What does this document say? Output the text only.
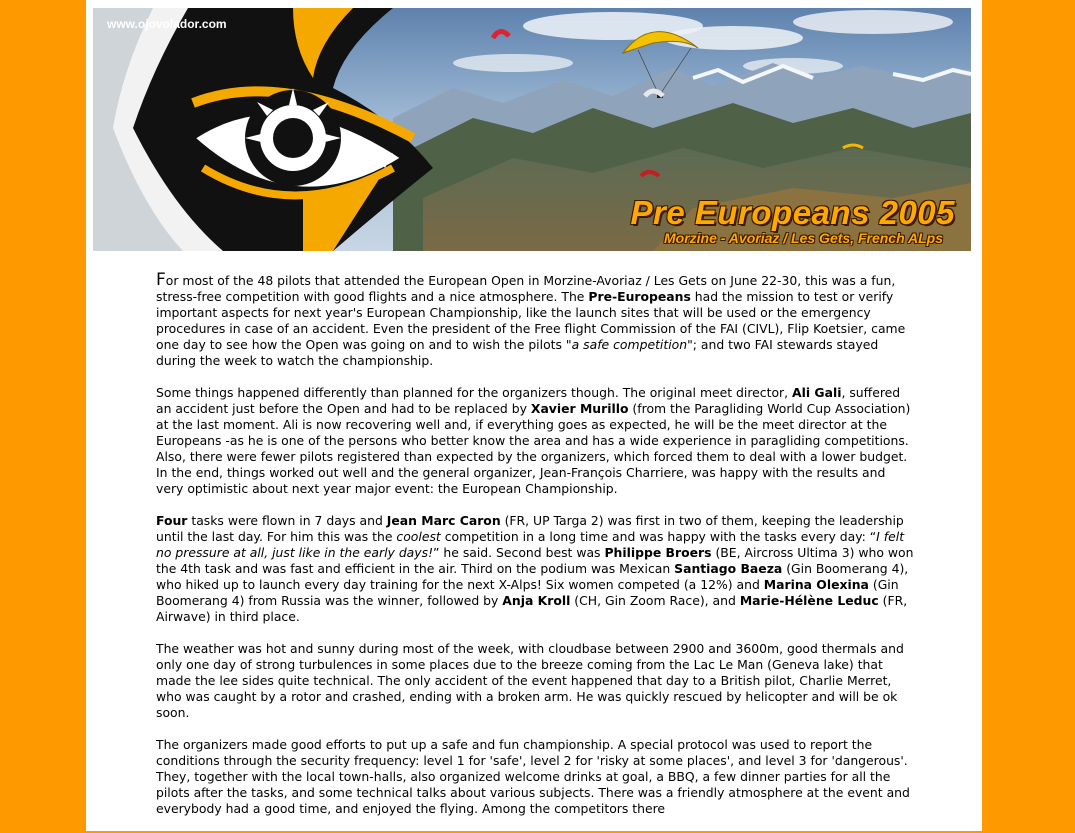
www.ojovolador.com
Pre Europeans 2005
Morzine - Avoriaz / Les Gets, French ALps

For most of the 48 pilots that attended the European Open in Morzine-Avoriaz / Les Gets on June 22-30, this was a fun, stress-free competition with good flights and a nice atmosphere. The Pre-Europeans had the mission to test or verify important aspects for next year's European Championship, like the launch sites that will be used or the emergency procedures in case of an accident. Even the president of the Free flight Commission of the FAI (CIVL), Flip Koetsier, came one day to see how the Open was going on and to wish the pilots "a safe competition"; and two FAI stewards stayed during the week to watch the championship.

Some things happened differently than planned for the organizers though. The original meet director, Ali Gali, suffered an accident just before the Open and had to be replaced by Xavier Murillo (from the Paragliding World Cup Association) at the last moment. Ali is now recovering well and, if everything goes as expected, he will be the meet director at the Europeans -as he is one of the persons who better know the area and has a wide experience in paragliding competitions. Also, there were fewer pilots registered than expected by the organizers, which forced them to deal with a lower budget. In the end, things worked out well and the general organizer, Jean-François Charriere, was happy with the results and very optimistic about next year major event: the European Championship.

Four tasks were flown in 7 days and Jean Marc Caron (FR, UP Targa 2) was first in two of them, keeping the leadership until the last day. For him this was the coolest competition in a long time and was happy with the tasks every day: “I felt no pressure at all, just like in the early days!” he said. Second best was Philippe Broers (BE, Aircross Ultima 3) who won the 4th task and was fast and efficient in the air. Third on the podium was Mexican Santiago Baeza (Gin Boomerang 4), who hiked up to launch every day training for the next X-Alps! Six women competed (a 12%) and Marina Olexina (Gin Boomerang 4) from Russia was the winner, followed by Anja Kroll (CH, Gin Zoom Race), and Marie-Hélène Leduc (FR, Airwave) in third place.

The weather was hot and sunny during most of the week, with cloudbase between 2900 and 3600m, good thermals and only one day of strong turbulences in some places due to the breeze coming from the Lac Le Man (Geneva lake) that made the lee sides quite technical. The only accident of the event happened that day to a British pilot, Charlie Merret, who was caught by a rotor and crashed, ending with a broken arm. He was quickly rescued by helicopter and will be ok soon.

The organizers made good efforts to put up a safe and fun championship. A special protocol was used to report the conditions through the security frequency: level 1 for 'safe', level 2 for 'risky at some places', and level 3 for 'dangerous'. They, together with the local town-halls, also organized welcome drinks at goal, a BBQ, a few dinner parties for all the pilots after the tasks, and some technical talks about various subjects. There was a friendly atmosphere at the event and everybody had a good time, and enjoyed the flying. Among the competitors there
